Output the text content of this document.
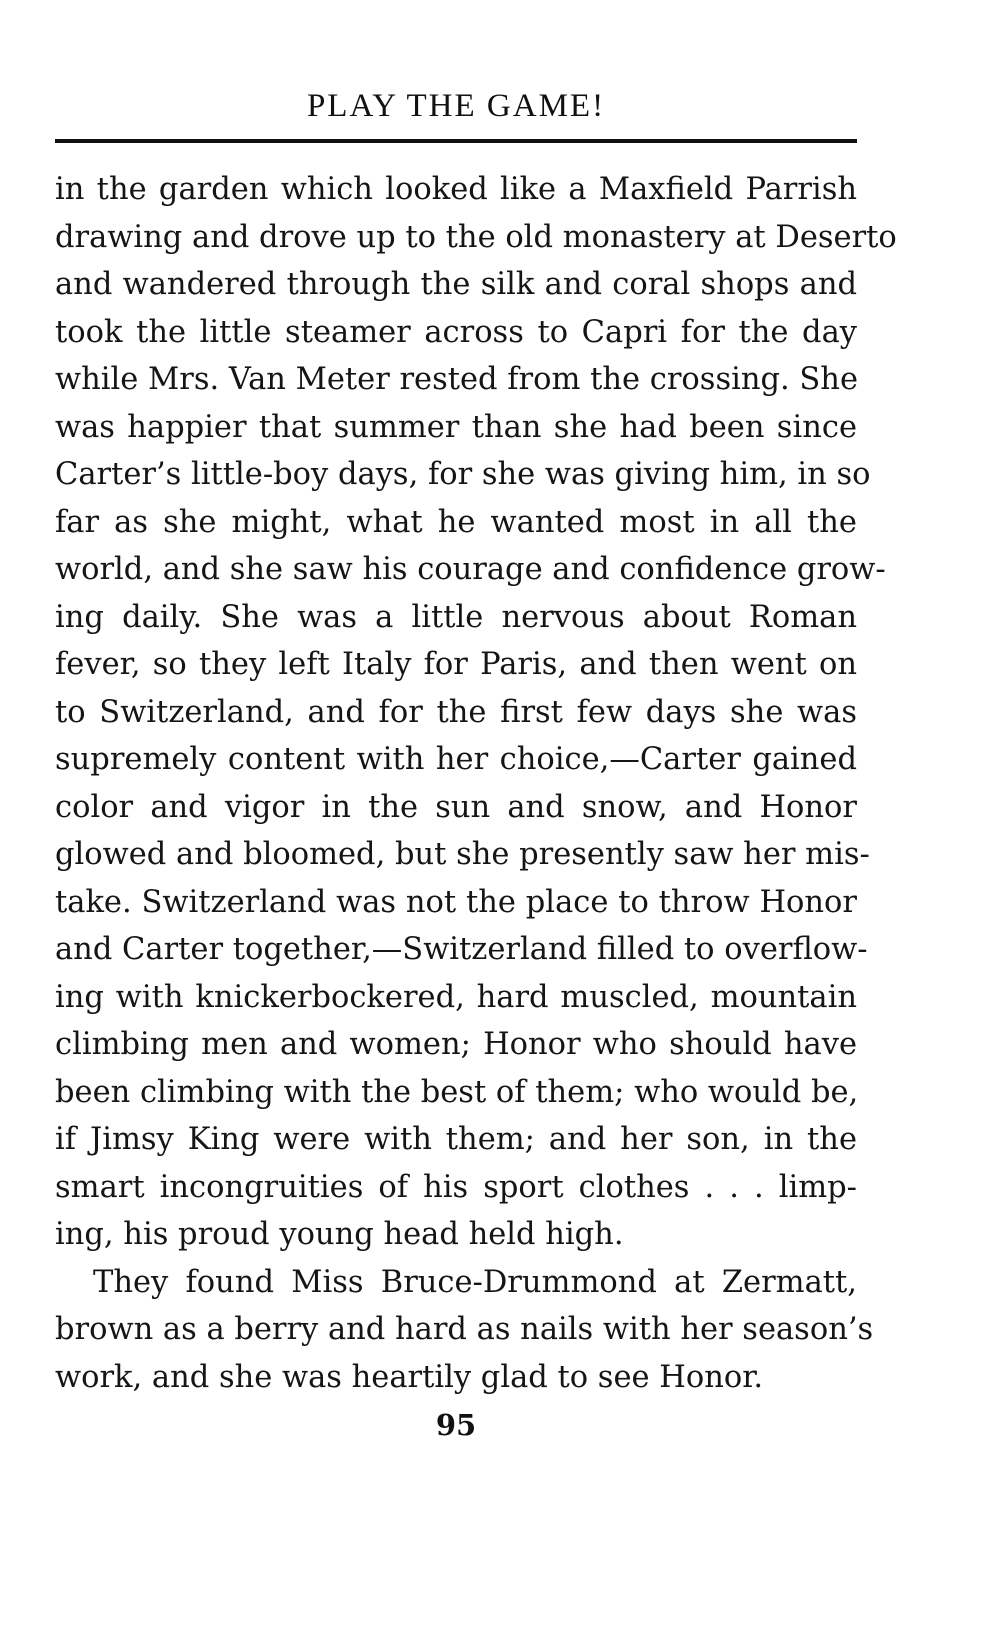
PLAY THE GAME!
in the garden which looked like a Maxfield Parrish
drawing and drove up to the old monastery at Deserto
and wandered through the silk and coral shops and
took the little steamer across to Capri for the day
while Mrs. Van Meter rested from the crossing. She
was happier that summer than she had been since
Carter’s little-boy days, for she was giving him, in so
far as she might, what he wanted most in all the
world, and she saw his courage and confidence grow-
ing daily. She was a little nervous about Roman
fever, so they left Italy for Paris, and then went on
to Switzerland, and for the first few days she was
supremely content with her choice,—Carter gained
color and vigor in the sun and snow, and Honor
glowed and bloomed, but she presently saw her mis-
take. Switzerland was not the place to throw Honor
and Carter together,—Switzerland filled to overflow-
ing with knickerbockered, hard muscled, mountain
climbing men and women; Honor who should have
been climbing with the best of them; who would be,
if Jimsy King were with them; and her son, in the
smart incongruities of his sport clothes . . . limp-
ing, his proud young head held high.
They found Miss Bruce-Drummond at Zermatt,
brown as a berry and hard as nails with her season’s
work, and she was heartily glad to see Honor.
95
